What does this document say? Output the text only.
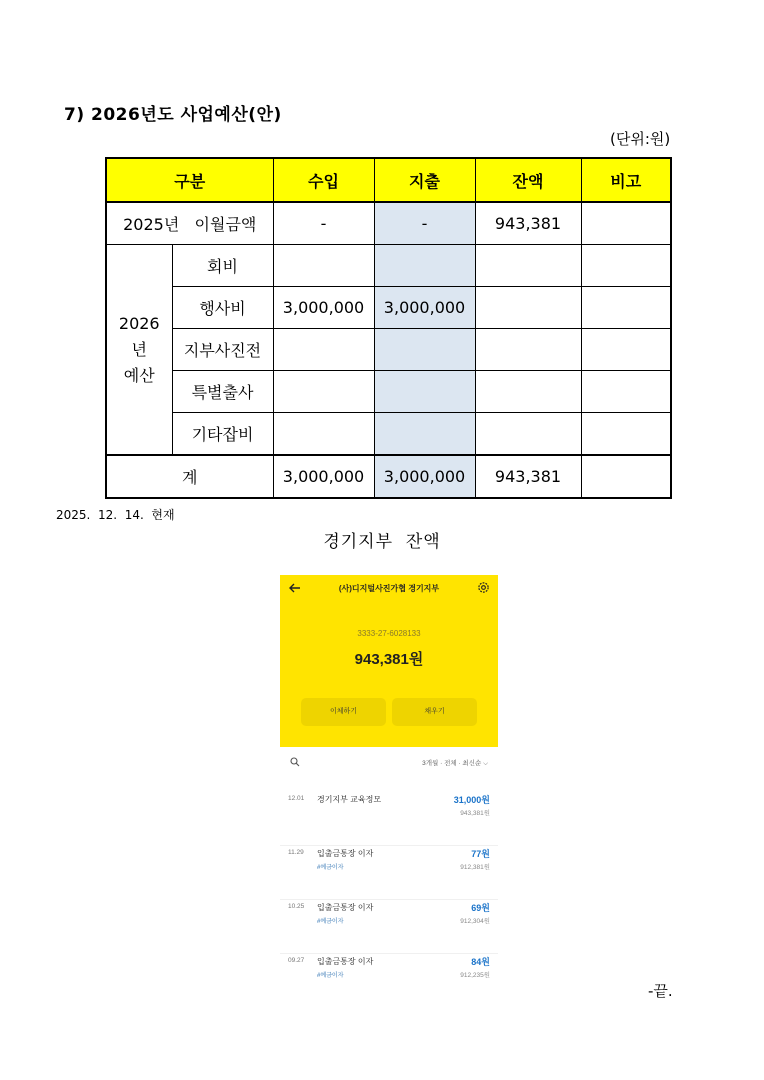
7) 2026년도 사업예산(안)
(단위:원)
구분		수입	지출	잔액	비고
2025년   이월금액		-	-	943,381	
2026
년
예산	회비				
	행사비	3,000,000	3,000,000		
	지부사진전				
	특별출사				
	기타잡비				
계		3,000,000	3,000,000	943,381	
2025.  12.  14.  현재
경기지부  잔액
(사)디지털사진가협 경기지부
3333-27-6028133
943,381원
이체하기	채우기
3개월 · 전체 · 최신순 ⌵
12.01 경기지부 교육정모	31,000원
943,381원
11.29 입출금통장 이자
#예금이자
77원
912,381원
10.25 입출금통장 이자
#예금이자
69원
912,304원
09.27 입출금통장 이자
#예금이자
84원
912,235원
-끝.
